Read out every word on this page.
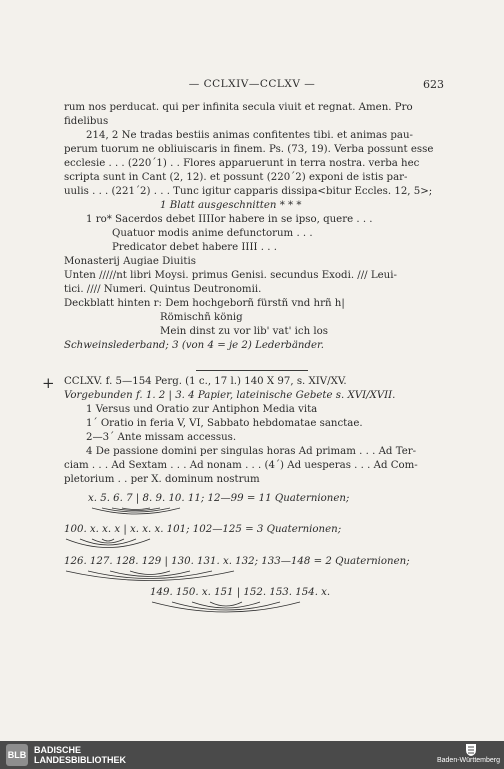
— CCLXIV—CCLXV —	623
rum nos perducat. qui per infinita secula viuit et regnat. Amen. Pro
fidelibus
214, 2 Ne tradas bestiis animas confitentes tibi. et animas pau-
perum tuorum ne obliuiscaris in finem. Ps. (73, 19). Verba possunt esse
ecclesie . . . (220´1) . . Flores apparuerunt in terra nostra. verba hec
scripta sunt in Cant (2, 12). et possunt (220´2) exponi de istis par-
uulis . . . (221´2) . . . Tunc igitur capparis dissipa<bitur Eccles. 12, 5>;
1 Blatt ausgeschnitten * * *
1 ro* Sacerdos debet IIIIor habere in se ipso, quere . . .
Quatuor modis anime defunctorum . . .
Predicator debet habere IIII . . .
Monasterij Augiae Diuitis
Unten /////nt libri Moysi. primus Genisi. secundus Exodi. /// Leui-
tici. //// Numeri. Quintus Deutronomii.
Deckblatt hinten r: Dem hochgeborñ fürstñ vnd hrñ h|
Römischñ könig
Mein dinst zu vor lib' vat' ich los
Schweinslederband; 3 (von 4 = je 2) Lederbänder.
+ CCLXV. f. 5—154 Perg. (1 c., 17 l.) 140 X 97, s. XIV/XV.
Vorgebunden f. 1. 2 | 3. 4 Papier, lateinische Gebete s. XVI/XVII.
1 Versus und Oratio zur Antiphon Media vita
1´ Oratio in feria V, VI, Sabbato hebdomatae sanctae.
2—3´ Ante missam accessus.
4 De passione domini per singulas horas Ad primam . . . Ad Ter-
ciam . . . Ad Sextam . . . Ad nonam . . . (4´) Ad uesperas . . . Ad Com-
pletorium . . per X. dominum nostrum
x. 5. 6. 7 | 8. 9. 10. 11; 12—99 = 11 Quaternionen;
100. x. x. x | x. x. x. 101; 102—125 = 3 Quaternionen;
126. 127. 128. 129 | 130. 131. x. 132; 133—148 = 2 Quaternionen;
149. 150. x. 151 | 152. 153. 154. x.
BLB BADISCHE
LANDESBIBLIOTHEK	Baden-Württemberg
